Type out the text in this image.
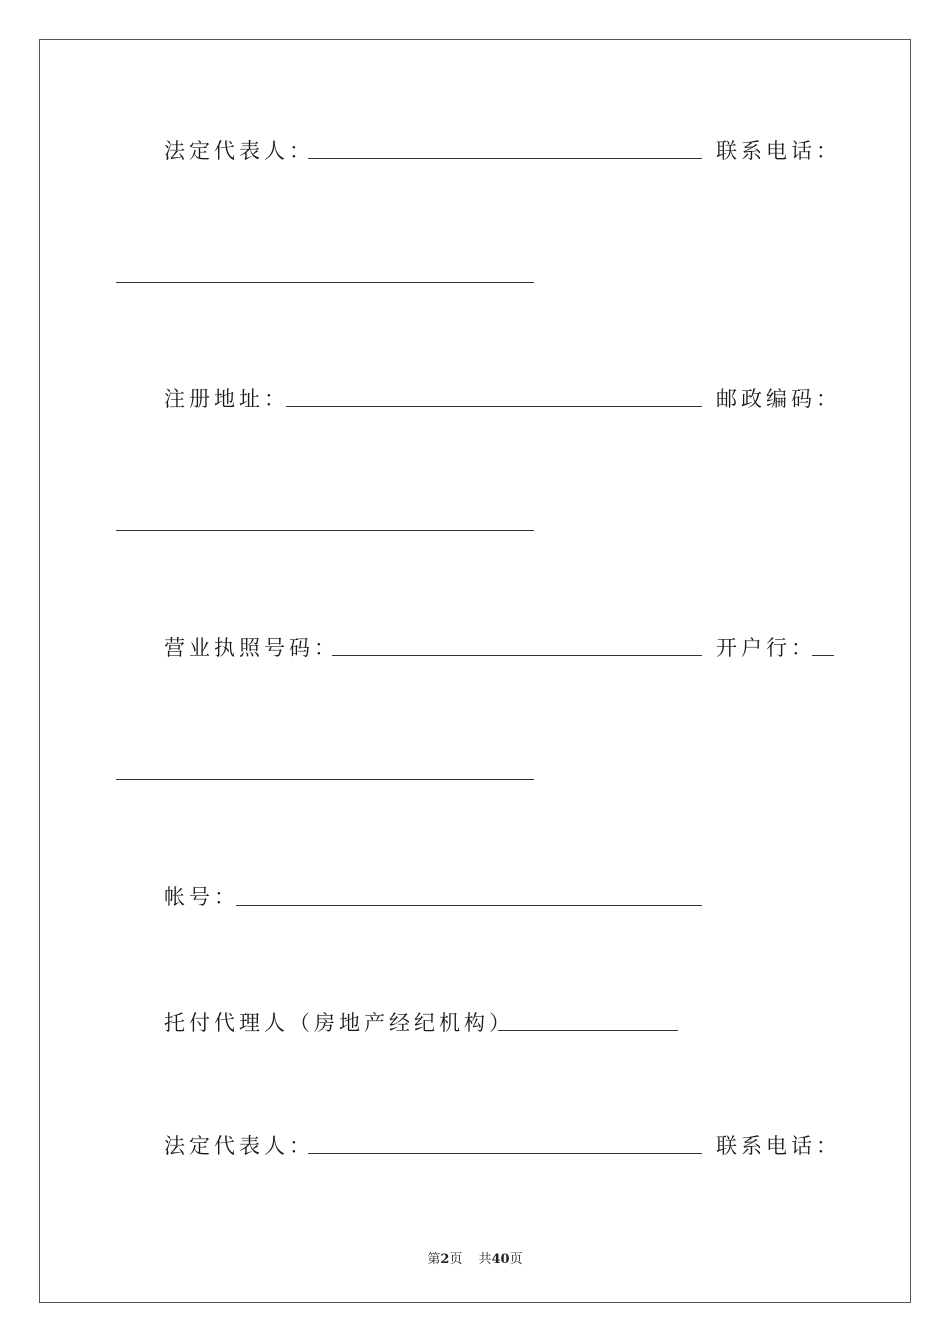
法定代表人：	联系电话：
注册地址：	邮政编码：
营业执照号码：	开户行：
帐号：
托付代理人（房地产经纪机构）
法定代表人：	联系电话：
第2页 共40页
